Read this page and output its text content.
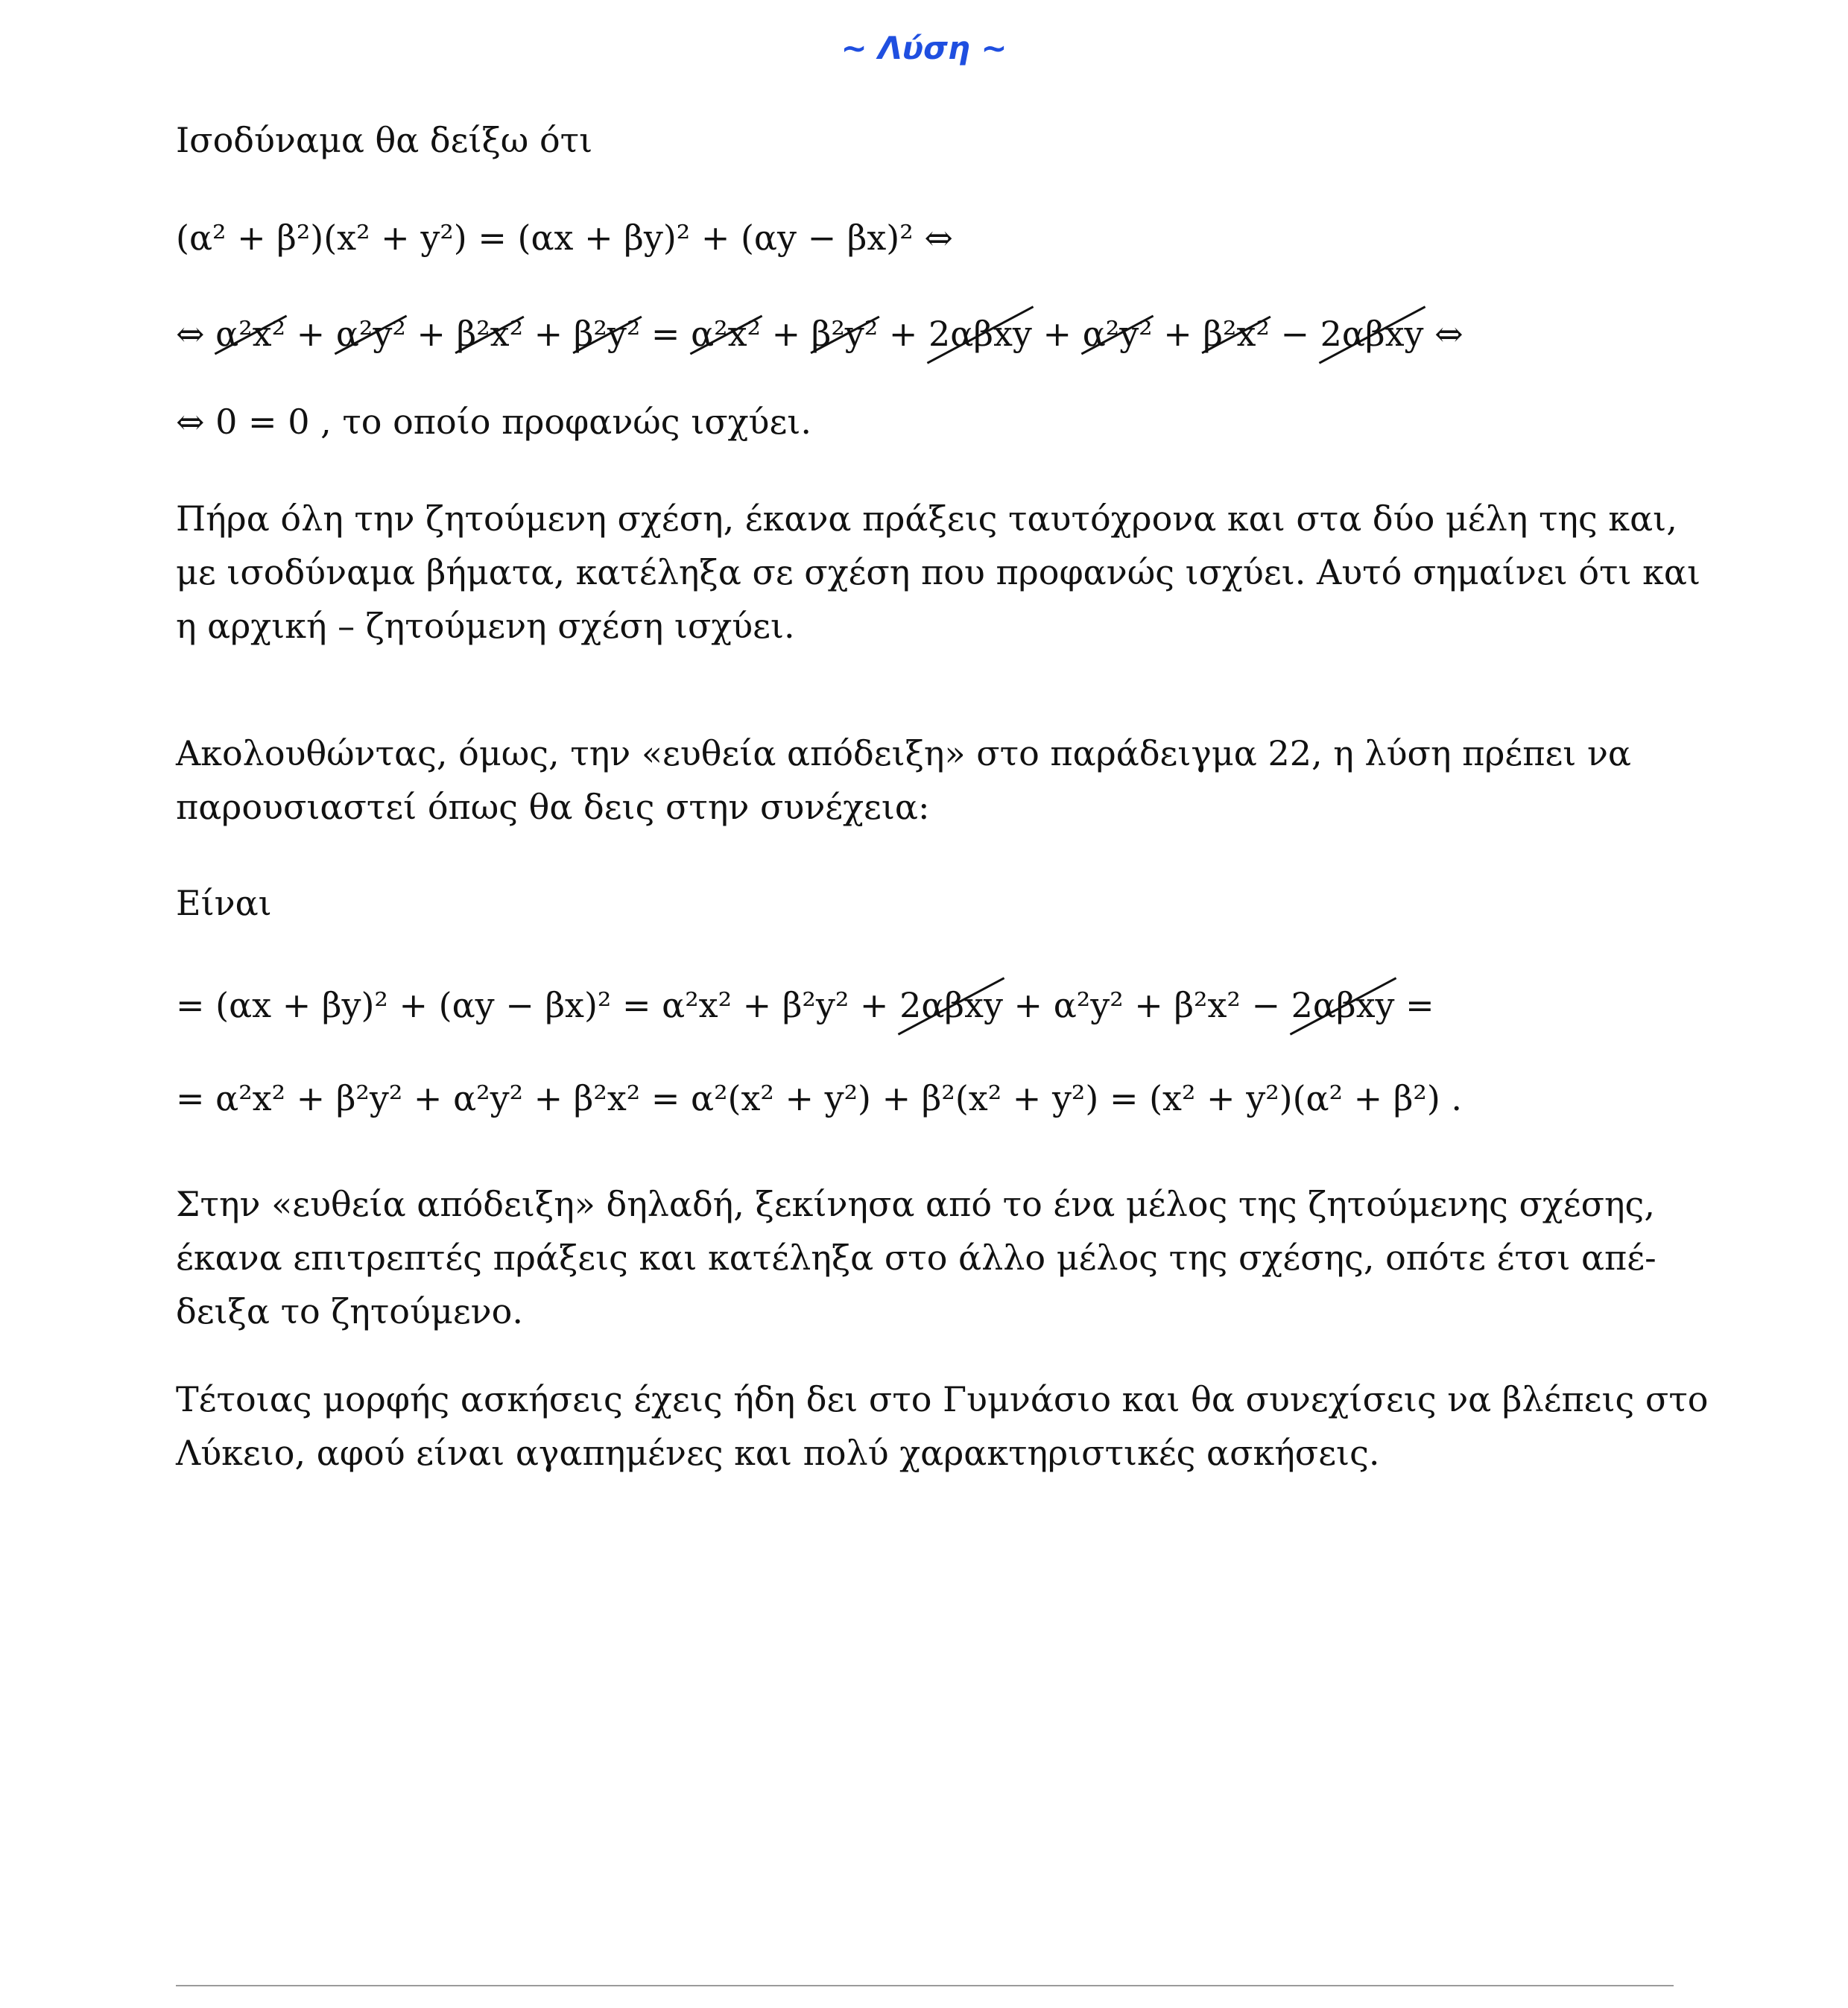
~ Λύση ~
Ισοδύναμα θα δείξω ότι
(α² + β²)(x² + y²) = (αx + βy)² + (αy − βx)² ⇔
⇔ α²x² + α²y² + β²x² + β²y² = α²x² + β²y² + 2αβxy + α²y² + β²x² − 2αβxy ⇔
⇔ 0 = 0 , το οποίο προφανώς ισχύει.
Πήρα όλη την ζητούμενη σχέση, έκανα πράξεις ταυτόχρονα και στα δύο μέλη της και,
με ισοδύναμα βήματα, κατέληξα σε σχέση που προφανώς ισχύει. Αυτό σημαίνει ότι και
η αρχική – ζητούμενη σχέση ισχύει.
Ακολουθώντας, όμως, την «ευθεία απόδειξη» στο παράδειγμα 22, η λύση πρέπει να
παρουσιαστεί όπως θα δεις στην συνέχεια:
Είναι
= (αx + βy)² + (αy − βx)² = α²x² + β²y² + 2αβxy + α²y² + β²x² − 2αβxy =
= α²x² + β²y² + α²y² + β²x² = α²(x² + y²) + β²(x² + y²) = (x² + y²)(α² + β²) .
Στην «ευθεία απόδειξη» δηλαδή, ξεκίνησα από το ένα μέλος της ζητούμενης σχέσης,
έκανα επιτρεπτές πράξεις και κατέληξα στο άλλο μέλος της σχέσης, οπότε έτσι απέ-
δειξα το ζητούμενο.
Τέτοιας μορφής ασκήσεις έχεις ήδη δει στο Γυμνάσιο και θα συνεχίσεις να βλέπεις στο
Λύκειο, αφού είναι αγαπημένες και πολύ χαρακτηριστικές ασκήσεις.
